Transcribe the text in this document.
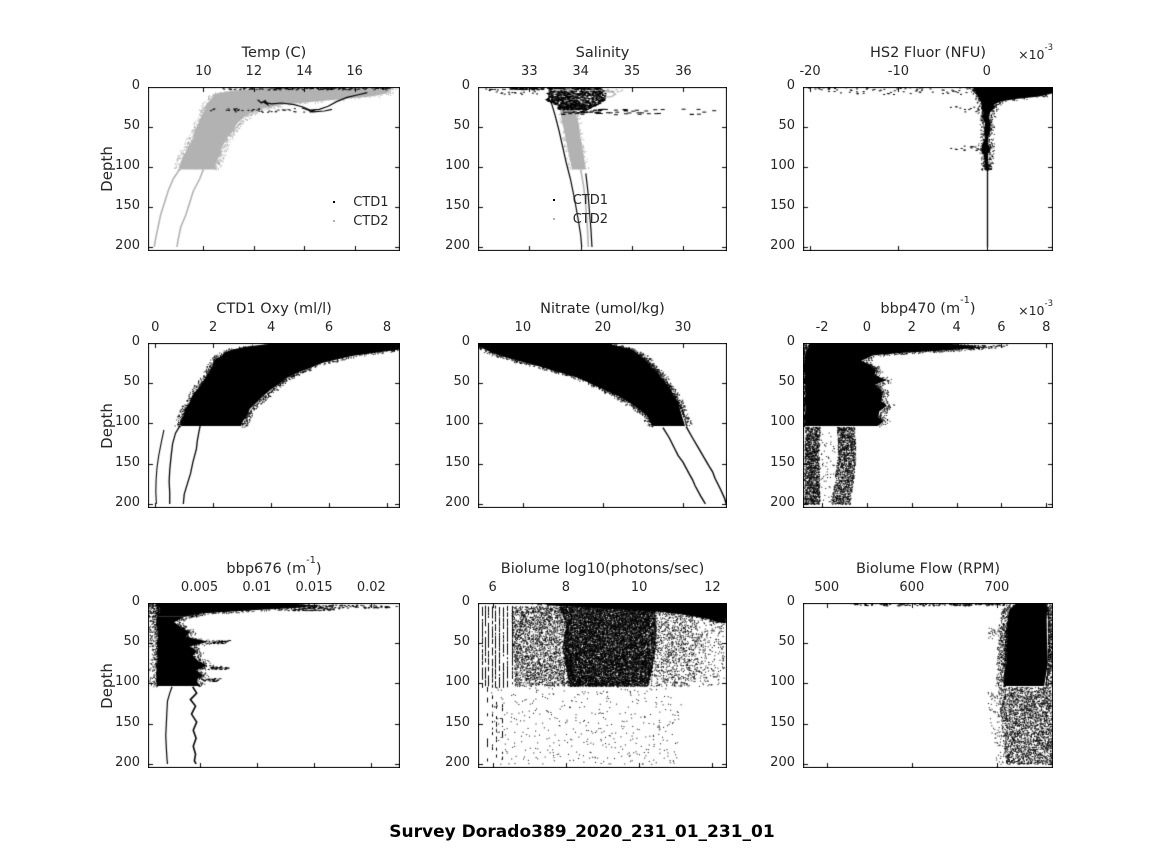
Survey Dorado389_2020_231_01_231_01
Temp (C)
10	12	14	16
0
50
100
150
200
Depth
CTD1
CTD2
Salinity
33	34	35	36
0
50
100
150
200
CTD1
CTD2
HS2 Fluor (NFU)	$\times 10^{-3}$
-20	-10	0
0
50
100
150
200
CTD1 Oxy (ml/l)
0	2	4	6	8
0
50
100
150
200
Depth
Nitrate (umol/kg)
10	20	30
0
50
100
150
200
bbp470 $(m^{-1})$	$\times 10^{-3}$
-2	0	2	4	6	8
0
50
100
150
200
bbp676 $(m^{-1})$
0.005	0.01	0.015	0.02
0
50
100
150
200
Depth
Biolume log10(photons/sec)
6	8	10	12
0
50
100
150
200
Biolume Flow (RPM)
500	600	700
0
50
100
150
200
